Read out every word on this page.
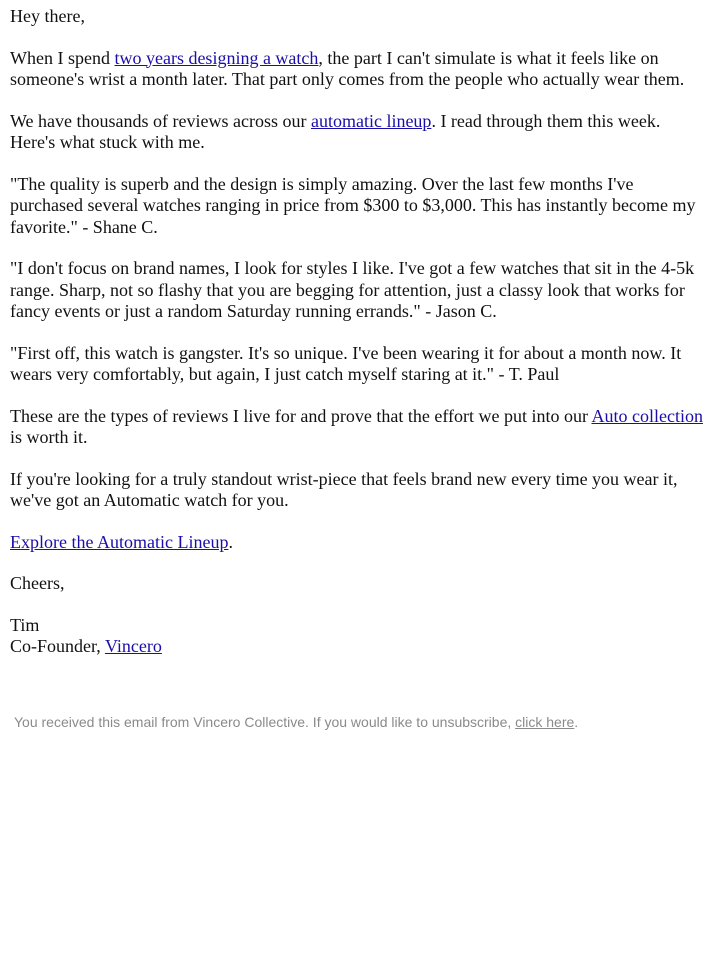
Hey there,

When I spend two years designing a watch, the part I can't simulate is what it feels like on someone's wrist a month later. That part only comes from the people who actually wear them.

We have thousands of reviews across our automatic lineup. I read through them this week. Here's what stuck with me.

"The quality is superb and the design is simply amazing. Over the last few months I've purchased several watches ranging in price from $300 to $3,000. This has instantly become my favorite." - Shane C.

"I don't focus on brand names, I look for styles I like. I've got a few watches that sit in the 4-5k range. Sharp, not so flashy that you are begging for attention, just a classy look that works for fancy events or just a random Saturday running errands." - Jason C.

"First off, this watch is gangster. It's so unique. I've been wearing it for about a month now. It wears very comfortably, but again, I just catch myself staring at it." - T. Paul

These are the types of reviews I live for and prove that the effort we put into our Auto collection is worth it.

If you're looking for a truly standout wrist-piece that feels brand new every time you wear it, we've got an Automatic watch for you.

Explore the Automatic Lineup.

Cheers,

Tim
Co-Founder, Vincero
You received this email from Vincero Collective. If you would like to unsubscribe, click here.
